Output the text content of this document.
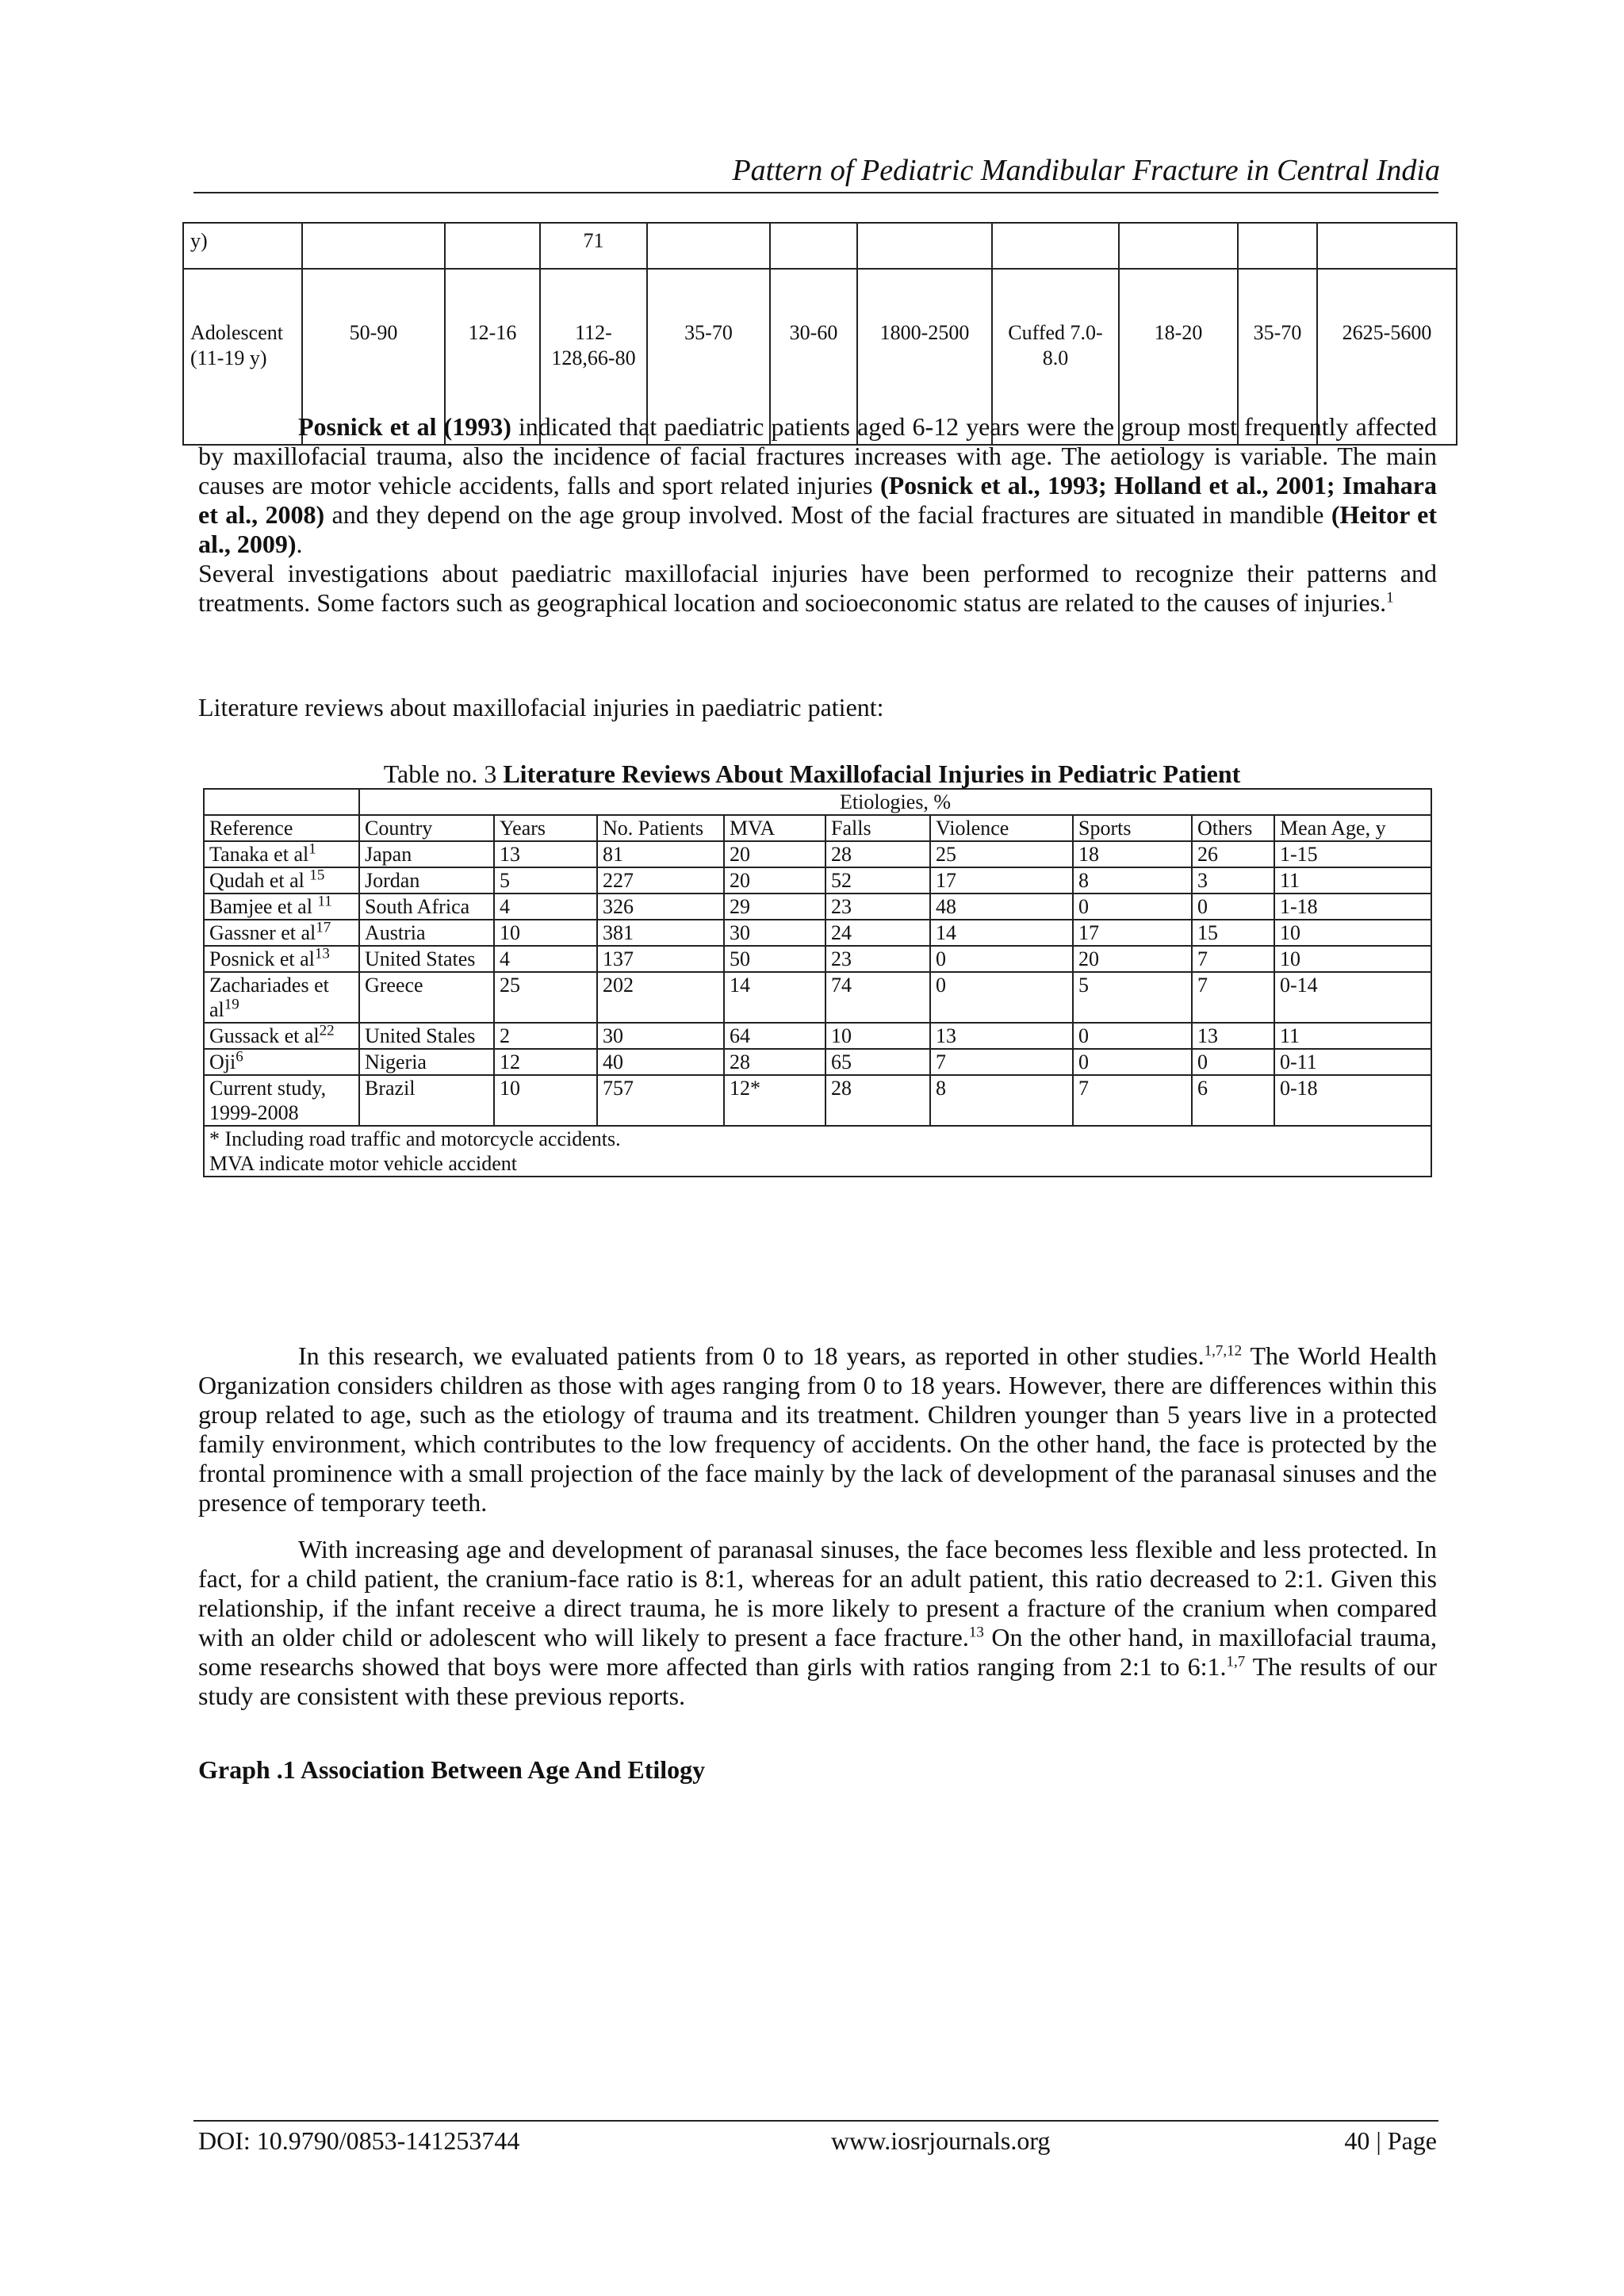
Pattern of Pediatric Mandibular Fracture in Central India
y)			71							
Adolescent (11-19 y)	50-90	12-16	112-128,66-80	35-70	30-60	1800-2500	Cuffed 7.0-8.0	18-20	35-70	2625-5600
Posnick et al (1993) indicated that paediatric patients aged 6-12 years were the group most frequently affected by maxillofacial trauma, also the incidence of facial fractures increases with age. The aetiology is variable. The main causes are motor vehicle accidents, falls and sport related injuries (Posnick et al., 1993; Holland et al., 2001; Imahara et al., 2008) and they depend on the age group involved. Most of the facial fractures are situated in mandible (Heitor et al., 2009).
Several investigations about paediatric maxillofacial injuries have been performed to recognize their patterns and treatments. Some factors such as geographical location and socioeconomic status are related to the causes of injuries.$^1$
Literature reviews about maxillofacial injuries in paediatric patient:
Table no. 3 Literature Reviews About Maxillofacial Injuries in Pediatric Patient
	Etiologies, %								
Reference	Country	Years	No. Patients	MVA	Falls	Violence	Sports	Others	Mean Age, y
Tanaka et $al^1$	Japan	13	81	20	28	25	18	26	1-15
Qudah et al $^{15}$	Jordan	5	227	20	52	17	8	3	11
Bamjee et al $^{11}$	South Africa	4	326	29	23	48	0	0	1-18
Gassner et $al^{17}$	Austria	10	381	30	24	14	17	15	10
Posnick et $al^{13}$	United States	4	137	50	23	0	20	7	10
Zachariades et $al^{19}$	Greece	25	202	14	74	0	5	7	0-14
Gussack et $al^{22}$	United Stales	2	30	64	10	13	0	13	11
Oji$^6$	Nigeria	12	40	28	65	7	0	0	0-11
Current study, 1999-2008	Brazil	10	757	12*	28	8	7	6	0-18

* Including road traffic and motorcycle accidents.
MVA indicate motor vehicle accident									
In this research, we evaluated patients from 0 to 18 years, as reported in other studies.$^{1,7,12}$ The World Health Organization considers children as those with ages ranging from 0 to 18 years. However, there are differences within this group related to age, such as the etiology of trauma and its treatment. Children younger than 5 years live in a protected family environment, which contributes to the low frequency of accidents. On the other hand, the face is protected by the frontal prominence with a small projection of the face mainly by the lack of development of the paranasal sinuses and the presence of temporary teeth.
With increasing age and development of paranasal sinuses, the face becomes less flexible and less protected. In fact, for a child patient, the cranium-face ratio is 8:1, whereas for an adult patient, this ratio decreased to 2:1. Given this relationship, if the infant receive a direct trauma, he is more likely to present a fracture of the cranium when compared with an older child or adolescent who will likely to present a face fracture.$^{13}$ On the other hand, in maxillofacial trauma, some researchs showed that boys were more affected than girls with ratios ranging from 2:1 to 6:1.$^{1,7}$ The results of our study are consistent with these previous reports.
Graph .1 Association Between Age And Etilogy
DOI: 10.9790/0853-141253744	www.iosrjournals.org	40 | Page
